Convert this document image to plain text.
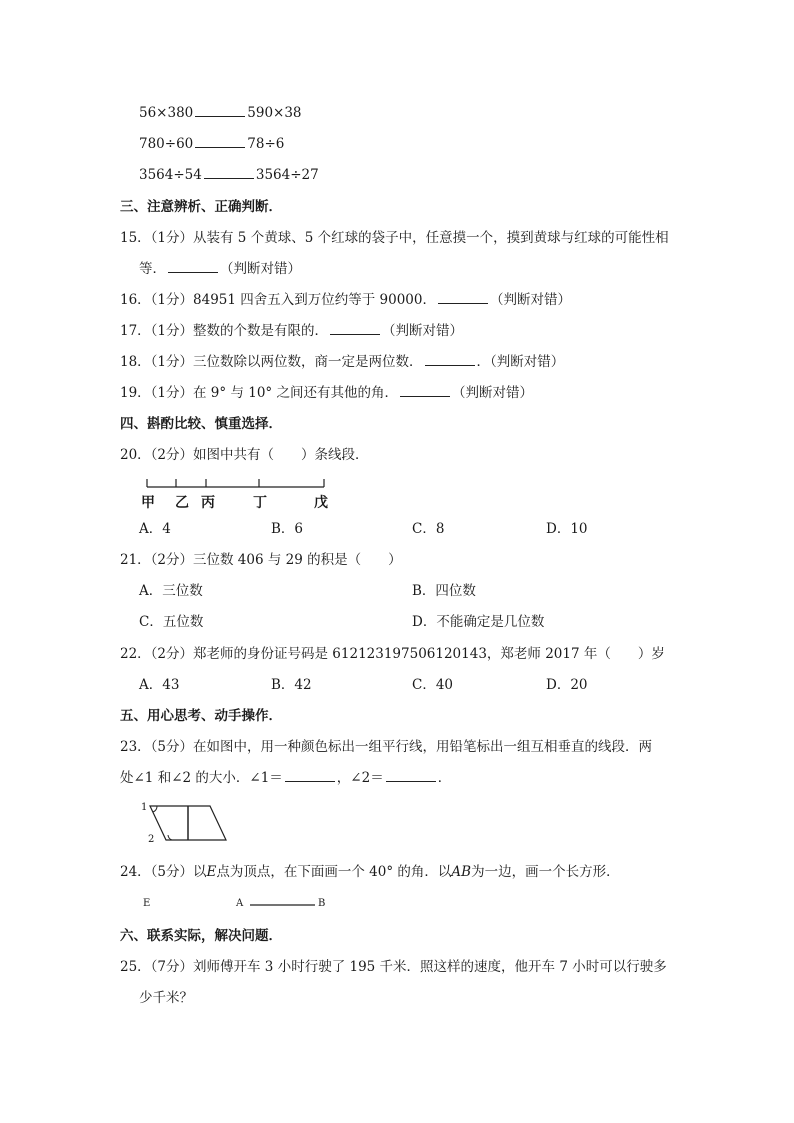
56×380	590×38
780÷60	78÷6
3564÷54	3564÷27
三、注意辨析、正确判断．
15．（1分）从装有 5 个黄球、5 个红球的袋子中，任意摸一个，摸到黄球与红球的可能性相
等．	（判断对错）
16．（1分）84951 四舍五入到万位约等于 90000．	（判断对错）
17．（1分）整数的个数是有限的．	（判断对错）
18．（1分）三位数除以两位数，商一定是两位数．	．（判断对错）
19．（1分）在 9° 与 10° 之间还有其他的角．	（判断对错）
四、斟酌比较、慎重选择．
20．（2分）如图中共有（　　）条线段．
甲 乙 丙	丁	戊
A．4	B．6	C．8	D．10
21．（2分）三位数 406 与 29 的积是（　　）
A．三位数	B．四位数
C．五位数	D．不能确定是几位数
22．（2分）郑老师的身份证号码是 612123197506120143，郑老师 2017 年（　　）岁
A．43	B．42	C．40	D．20
五、用心思考、动手操作．
23．（5分）在如图中，用一种颜色标出一组平行线，用铅笔标出一组互相垂直的线段．两
处∠1 和∠2 的大小．∠1＝	，∠2＝	．
1
2
24．（5分）以E点为顶点，在下面画一个 40° 的角．以AB为一边，画一个长方形．
E	A	B
六、联系实际，解决问题．
25．（7分）刘师傅开车 3 小时行驶了 195 千米．照这样的速度，他开车 7 小时可以行驶多
少千米？
